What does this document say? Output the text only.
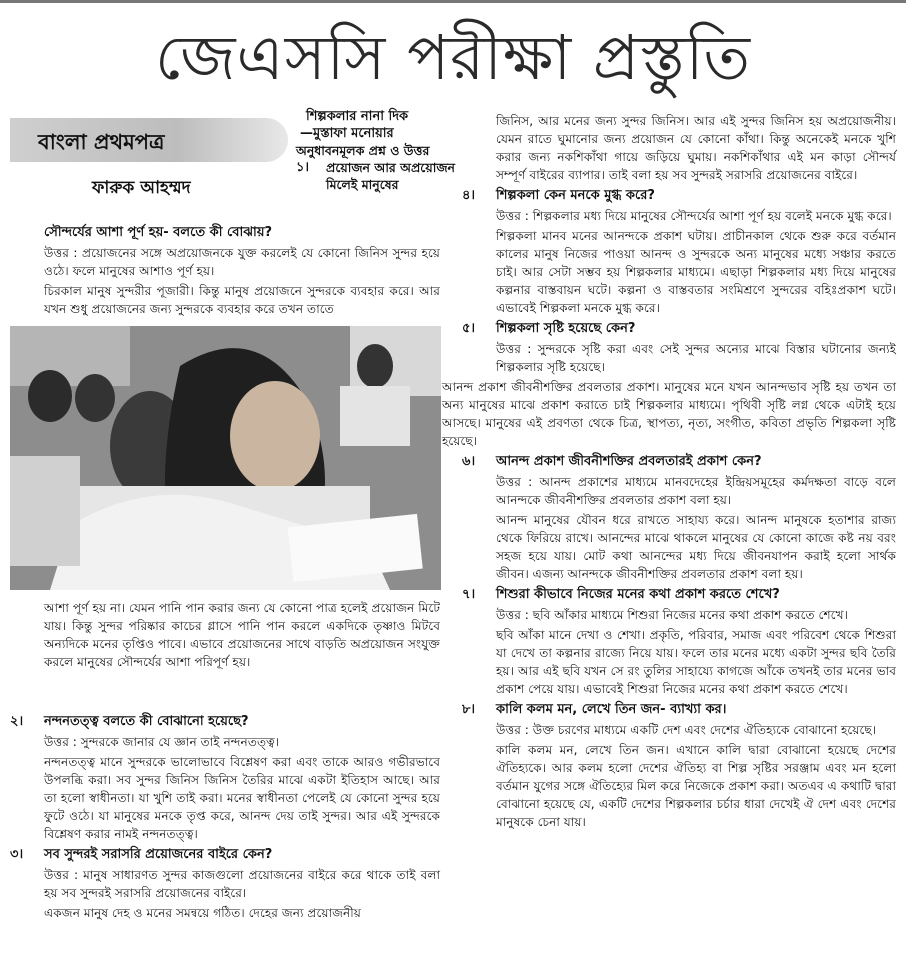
জেএসসি পরীক্ষা প্রস্তুতি
বাংলা প্রথমপত্র
ফারুক আহম্মদ
শিল্পকলার নানা দিক
—মুস্তাফা মনোয়ার
অনুধাবনমূলক প্রশ্ন ও উত্তর
১।	প্রয়োজন আর অপ্রয়োজন মিলেই মানুষের
সৌন্দর্যের আশা পূর্ণ হয়- বলতে কী বোঝায়?

উত্তর : প্রয়োজনের সঙ্গে অপ্রয়োজনকে যুক্ত করলেই যে কোনো জিনিস সুন্দর হয়ে ওঠে। ফলে মানুষের আশাও পূর্ণ হয়।

চিরকাল মানুষ সুন্দরীর পূজারী। কিন্তু মানুষ প্রয়োজনে সুন্দরকে ব্যবহার করে। আর যখন শুধু প্রয়োজনের জন্য সুন্দরকে ব্যবহার করে তখন তাতে

আশা পূর্ণ হয় না। যেমন পানি পান করার জন্য যে কোনো পাত্র হলেই প্রয়োজন মিটে যায়। কিন্তু সুন্দর পরিষ্কার কাচের গ্লাসে পানি পান করলে একদিকে তৃষ্ণাও মিটবে অন্যদিকে মনের তৃপ্তিও পাবে। এভাবে প্রয়োজনের সাথে বাড়তি অপ্রয়োজন সংযুক্ত করলে মানুষের সৌন্দর্যের আশা পরিপূর্ণ হয়।

২।	নন্দনতত্ত্ব বলতে কী বোঝানো হয়েছে?

উত্তর : সুন্দরকে জানার যে জ্ঞান তাই নন্দনতত্ত্ব।

নন্দনতত্ত্ব মানে সুন্দরকে ভালোভাবে বিশ্লেষণ করা এবং তাকে আরও গভীরভাবে উপলব্ধি করা। সব সুন্দর জিনিস জিনিস তৈরির মাঝে একটা ইতিহাস আছে। আর তা হলো স্বাধীনতা। যা খুশি তাই করা। মনের স্বাধীনতা পেলেই যে কোনো সুন্দর হয়ে ফুটে ওঠে। যা মানুষের মনকে তৃপ্ত করে, আনন্দ দেয় তাই সুন্দর। আর এই সুন্দরকে বিশ্লেষণ করার নামই নন্দনতত্ত্ব।

৩।	সব সুন্দরই সরাসরি প্রয়োজনের বাইরে কেন?

উত্তর : মানুষ সাধারণত সুন্দর কাজগুলো প্রয়োজনের বাইরে করে থাকে তাই বলা হয় সব সুন্দরই সরাসরি প্রয়োজনের বাইরে।

একজন মানুষ দেহ ও মনের সমন্বয়ে গঠিত। দেহের জন্য প্রয়োজনীয়

জিনিস, আর মনের জন্য সুন্দর জিনিস। আর এই সুন্দর জিনিস হয় অপ্রয়োজনীয়। যেমন রাতে ঘুমানোর জন্য প্রয়োজন যে কোনো কাঁথা। কিন্তু অনেকেই মনকে খুশি করার জন্য নকশিকাঁথা গায়ে জড়িয়ে ঘুমায়। নকশিকাঁথার এই মন কাড়া সৌন্দর্য সম্পূর্ণ বাইরের ব্যাপার। তাই বলা হয় সব সুন্দরই সরাসরি প্রয়োজনের বাইরে।

৪।	শিল্পকলা কেন মনকে মুগ্ধ করে?

উত্তর : শিল্পকলার মধ্য দিয়ে মানুষের সৌন্দর্যের আশা পূর্ণ হয় বলেই মনকে মুগ্ধ করে।

শিল্পকলা মানব মনের আনন্দকে প্রকাশ ঘটায়। প্রাচীনকাল থেকে শুরু করে বর্তমান কালের মানুষ নিজের পাওয়া আনন্দ ও সুন্দরকে অন্য মানুষের মধ্যে সঞ্চার করতে চাই। আর সেটা সম্ভব হয় শিল্পকলার মাধ্যমে। এছাড়া শিল্পকলার মধ্য দিয়ে মানুষের কল্পনার বাস্তবায়ন ঘটে। কল্পনা ও বাস্তবতার সংমিশ্রণে সুন্দরের বহিঃপ্রকাশ ঘটে। এভাবেই শিল্পকলা মনকে মুগ্ধ করে।

৫।	শিল্পকলা সৃষ্টি হয়েছে কেন?

উত্তর : সুন্দরকে সৃষ্টি করা এবং সেই সুন্দর অন্যের মাঝে বিস্তার ঘটানোর জন্যই শিল্পকলার সৃষ্টি হয়েছে।

আনন্দ প্রকাশ জীবনীশক্তির প্রবলতার প্রকাশ। মানুষের মনে যখন আনন্দভাব সৃষ্টি হয় তখন তা অন্য মানুষের মাঝে প্রকাশ করাতে চাই শিল্পকলার মাধ্যমে। পৃথিবী সৃষ্টি লগ্ন থেকে এটাই হয়ে আসছে। মানুষের এই প্রবণতা থেকে চিত্র, স্থাপত্য, নৃত্য, সংগীত, কবিতা প্রভৃতি শিল্পকলা সৃষ্টি হয়েছে।

৬।	আনন্দ প্রকাশ জীবনীশক্তির প্রবলতারই প্রকাশ কেন?

উত্তর : আনন্দ প্রকাশের মাধ্যমে মানবদেহের ইন্দ্রিয়সমূহের কর্মদক্ষতা বাড়ে বলে আনন্দকে জীবনীশক্তির প্রবলতার প্রকাশ বলা হয়।

আনন্দ মানুষের যৌবন ধরে রাখতে সাহায্য করে। আনন্দ মানুষকে হতাশার রাজ্য থেকে ফিরিয়ে রাখে। আনন্দের মাঝে থাকলে মানুষের যে কোনো কাজে কষ্ট নয় বরং সহজ হয়ে যায়। মোট কথা আনন্দের মধ্য দিয়ে জীবনযাপন করাই হলো সার্থক জীবন। এজন্য আনন্দকে জীবনীশক্তির প্রবলতার প্রকাশ বলা হয়।

৭।	শিশুরা কীভাবে নিজের মনের কথা প্রকাশ করতে শেখে?

উত্তর : ছবি আঁকার মাধ্যমে শিশুরা নিজের মনের কথা প্রকাশ করতে শেখে।

ছবি আঁকা মানে দেখা ও শেখা। প্রকৃতি, পরিবার, সমাজ এবং পরিবেশ থেকে শিশুরা যা দেখে তা কল্পনার রাজ্যে নিয়ে যায়। ফলে তার মনের মধ্যে একটা সুন্দর ছবি তৈরি হয়। আর এই ছবি যখন সে রং তুলির সাহায্যে কাগজে আঁকে তখনই তার মনের ভাব প্রকাশ পেয়ে যায়। এভাবেই শিশুরা নিজের মনের কথা প্রকাশ করতে শেখে।

৮।	কালি কলম মন, লেখে তিন জন- ব্যাখ্যা কর।

উত্তর : উক্ত চরণের মাধ্যমে একটি দেশ এবং দেশের ঐতিহ্যকে বোঝানো হয়েছে।

কালি কলম মন, লেখে তিন জন। এখানে কালি দ্বারা বোঝানো হয়েছে দেশের ঐতিহ্যকে। আর কলম হলো দেশের ঐতিহ্য বা শিল্প সৃষ্টির সরঞ্জাম এবং মন হলো বর্তমান যুগের সঙ্গে ঐতিহ্যের মিল করে নিজেকে প্রকাশ করা। অতএব এ কথাটি দ্বারা বোঝানো হয়েছে যে, একটি দেশের শিল্পকলার চর্চার ধারা দেখেই ঐ দেশ এবং দেশের মানুষকে চেনা যায়।
